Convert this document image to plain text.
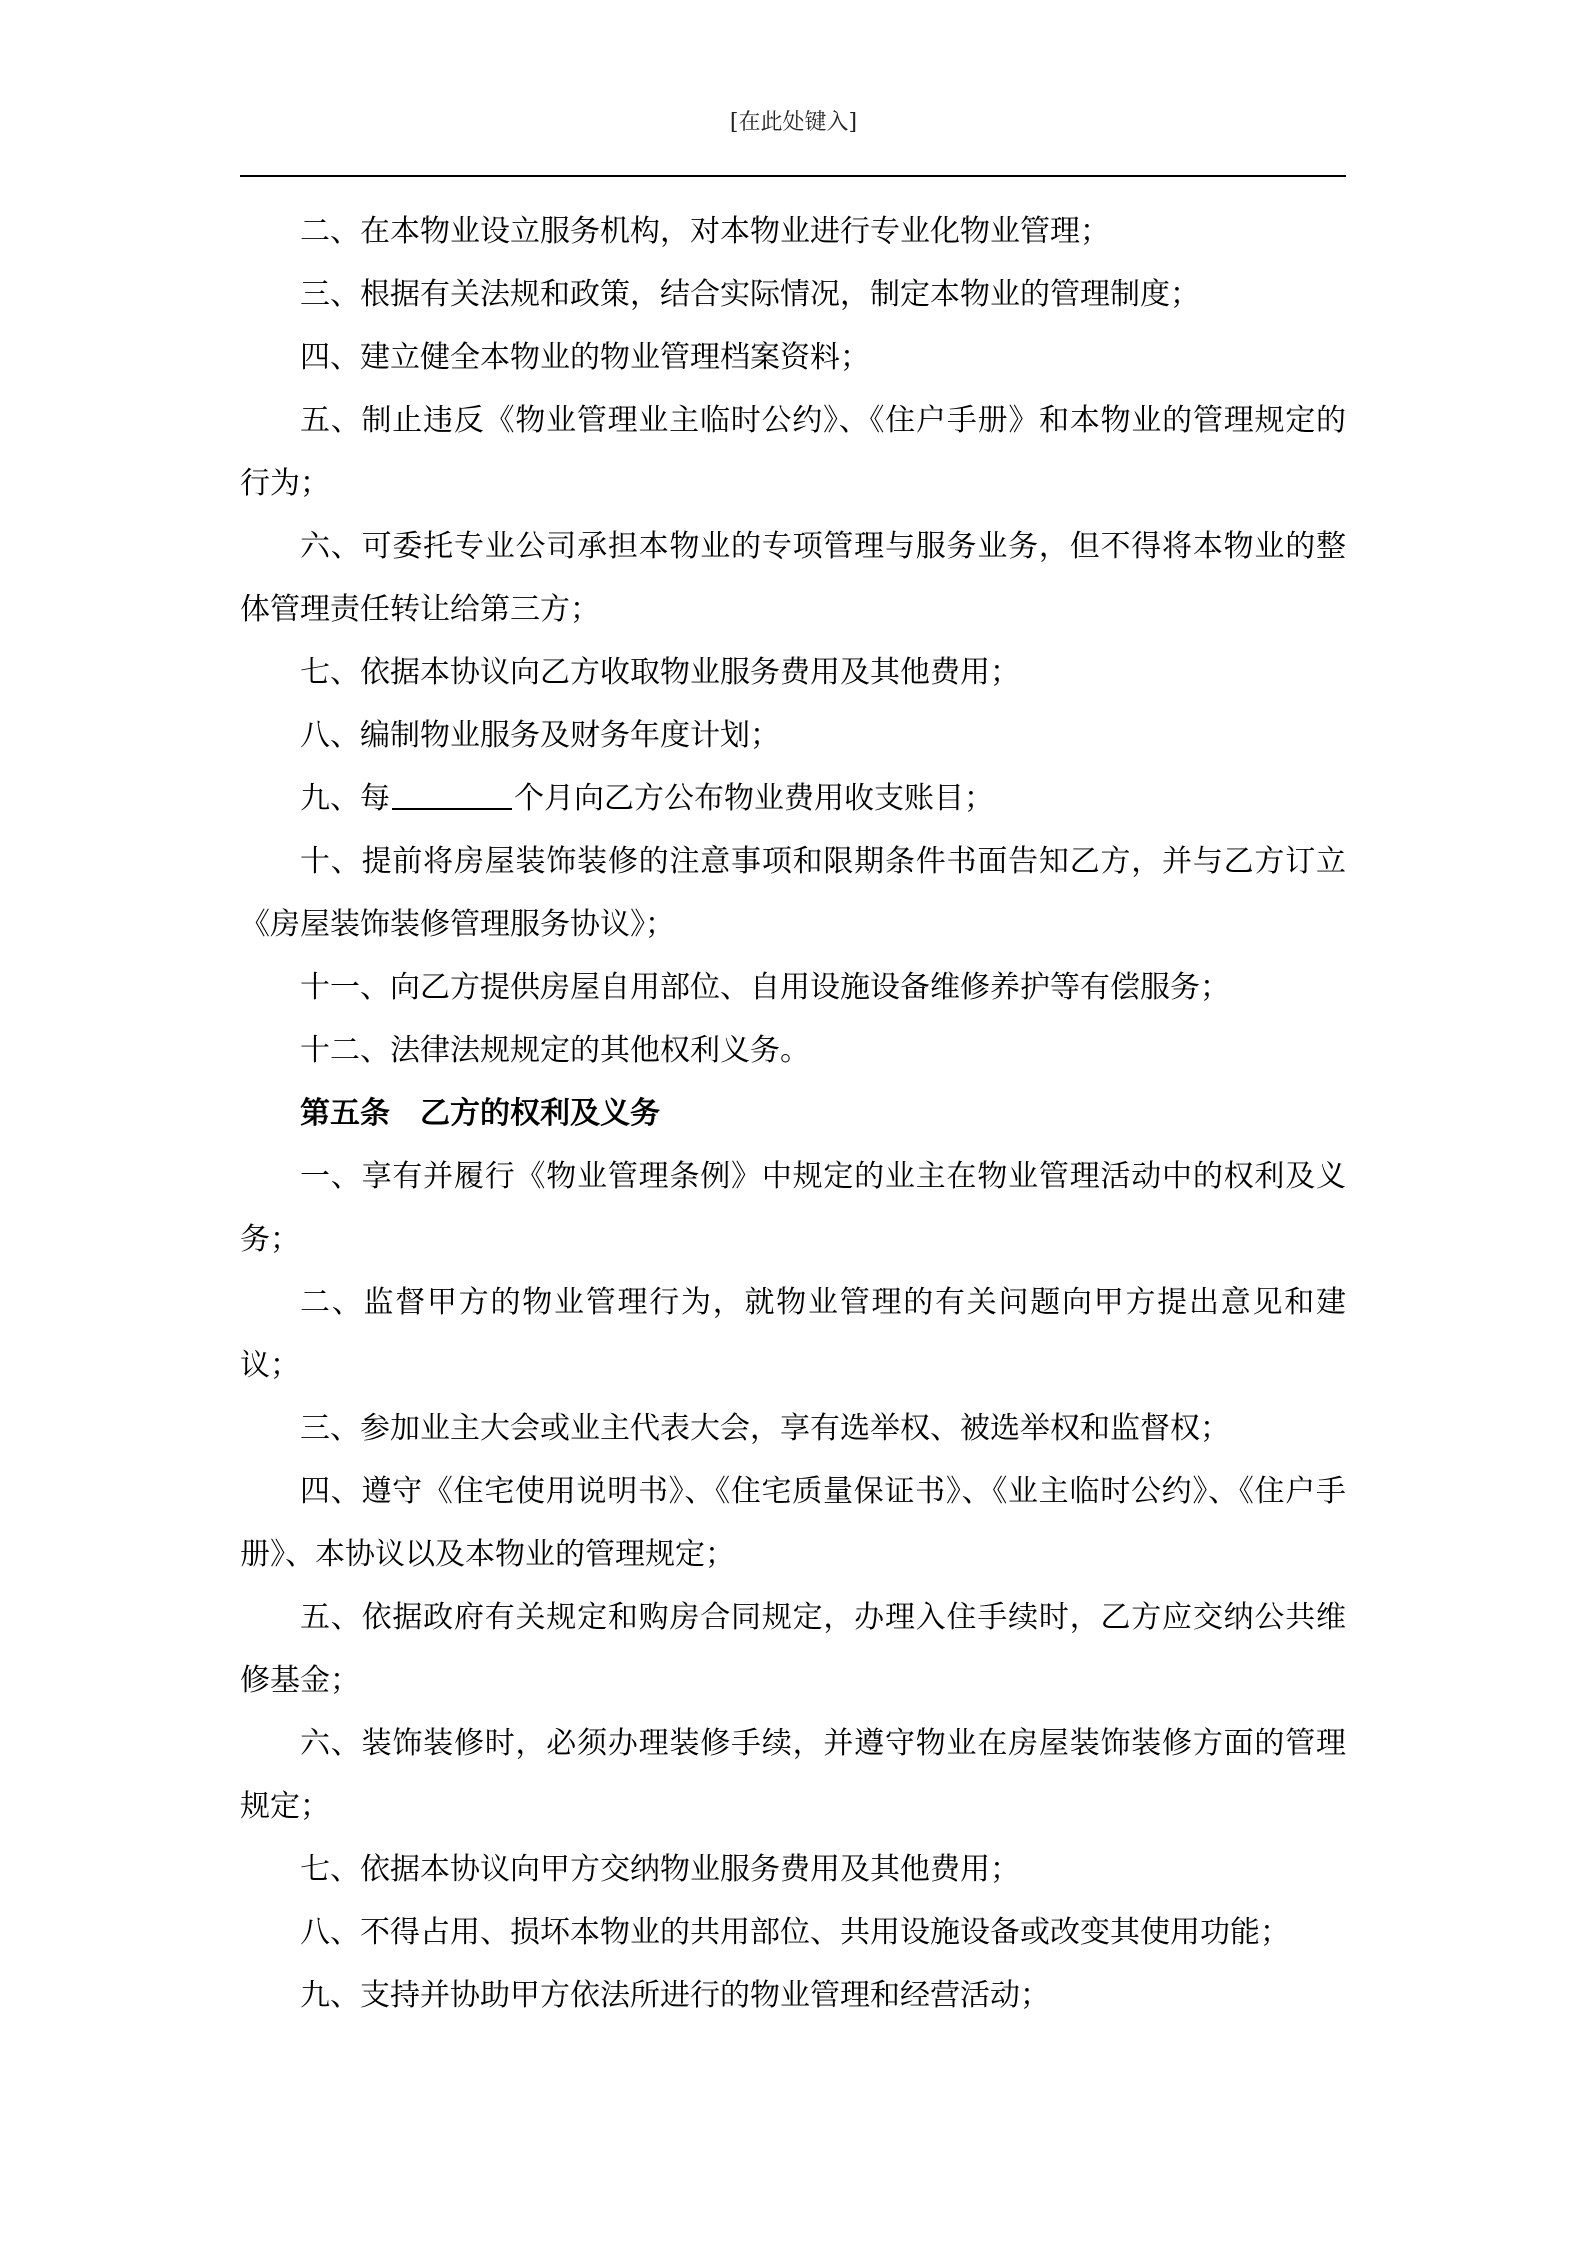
[在此处键入]

二、在本物业设立服务机构，对本物业进行专业化物业管理；

三、根据有关法规和政策，结合实际情况，制定本物业的管理制度；

四、建立健全本物业的物业管理档案资料；

五、制止违反《物业管理业主临时公约》、《住户手册》和本物业的管理规定的行为；

六、可委托专业公司承担本物业的专项管理与服务业务，但不得将本物业的整体管理责任转让给第三方；

七、依据本协议向乙方收取物业服务费用及其他费用；

八、编制物业服务及财务年度计划；

九、每	个月向乙方公布物业费用收支账目；

十、提前将房屋装饰装修的注意事项和限期条件书面告知乙方，并与乙方订立《房屋装饰装修管理服务协议》；

十一、向乙方提供房屋自用部位、自用设施设备维修养护等有偿服务；

十二、法律法规规定的其他权利义务。

第五条　乙方的权利及义务

一、享有并履行《物业管理条例》中规定的业主在物业管理活动中的权利及义务；

二、监督甲方的物业管理行为，就物业管理的有关问题向甲方提出意见和建议；

三、参加业主大会或业主代表大会，享有选举权、被选举权和监督权；

四、遵守《住宅使用说明书》、《住宅质量保证书》、《业主临时公约》、《住户手册》、本协议以及本物业的管理规定；

五、依据政府有关规定和购房合同规定，办理入住手续时，乙方应交纳公共维修基金；

六、装饰装修时，必须办理装修手续，并遵守物业在房屋装饰装修方面的管理规定；

七、依据本协议向甲方交纳物业服务费用及其他费用；

八、不得占用、损坏本物业的共用部位、共用设施设备或改变其使用功能；

九、支持并协助甲方依法所进行的物业管理和经营活动；
